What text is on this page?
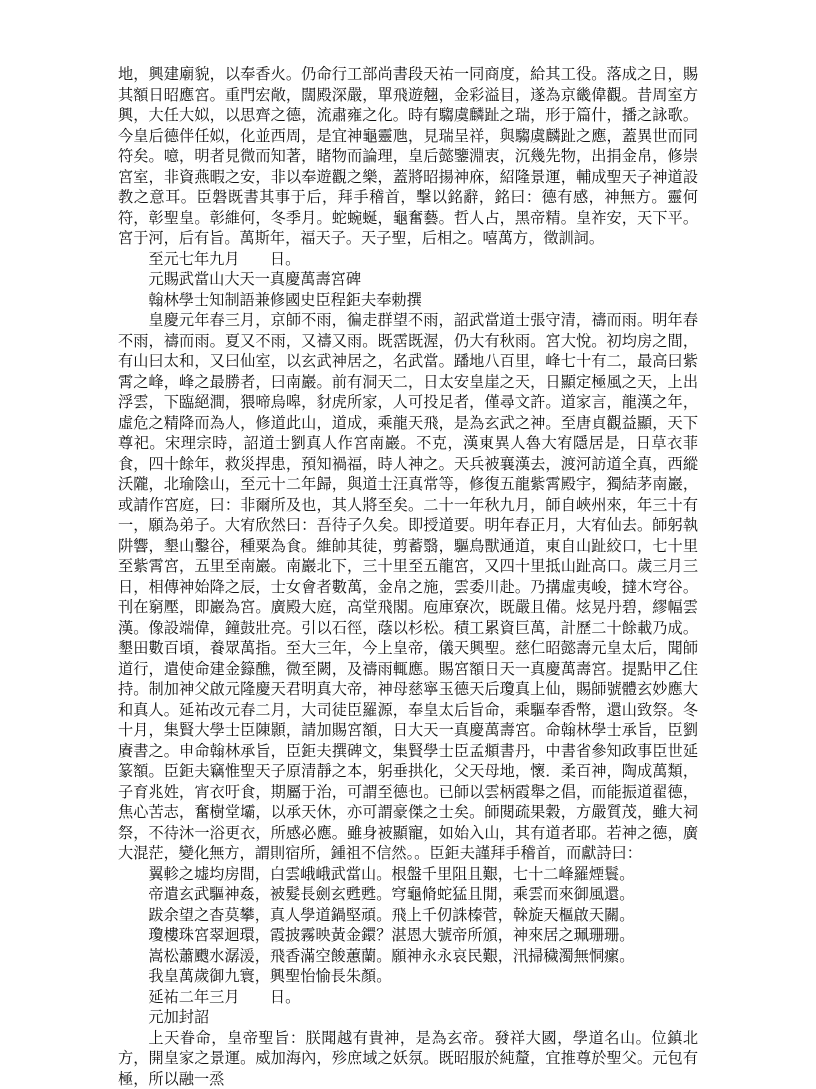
地，興建廟貌，以奉香火。仍命行工部尚書段天祐一同商度，給其工役。落成之日，賜其額日昭應宮。重門宏敞，闊殿深嚴，單飛遊翹，金彩溢目，遂為京畿偉觀。昔周室方興，大任大姒，以思齊之德，流肅雍之化。時有騶虞麟趾之瑞，形于篇什，播之詠歌。今皇后德伴任姒，化並西周，是宜神龜靈虺，見瑞呈祥，與騶虞麟趾之應，蓋異世而同符矣。噫，明者見微而知著，睹物而論理，皇后懿鑒淵衷，沉幾先物，出捐金帛，修崇宮室，非資燕暇之安，非以奉遊觀之樂，蓋將昭揚神庥，紹隆景運，輔成聖天子神道設教之意耳。臣磐既書其事于后，拜手稽首，擊以銘辭，銘曰：德有感，神無方。靈何符，彰聖皇。彰維何，冬季月。蛇蜿蜒，龜奮藝。哲人占，黑帝精。皇祚安，天下平。宮于河，后有旨。萬斯年，福天子。天子聖，后相之。嘻萬方，徵訓詞。

至元七年九月　　日。

元賜武當山大天一真慶萬壽宮碑

翰林學士知制語兼修國史臣程鉅夫奉勅撰

皇慶元年春三月，京師不雨，徧走群望不雨，詔武當道士張守清，禱而雨。明年春不雨，禱而雨。夏又不雨，又禱又雨。既霑既渥，仍大有秋雨。宮大悅。初均房之間，有山曰太和，又曰仙室，以玄武神居之，名武當。蹯地八百里，峰七十有二，最高曰紫霄之峰，峰之最勝者，曰南巖。前有洞天二，日太安皇崖之天，日顯定極風之天，上出浮雲，下臨絕澗，猥啼烏嗥，豺虎所家，人可投足者，僅尋文許。道家言，龍漢之年，虛危之精降而為人，修道此山，道成，乘龍天飛，是為玄武之神。至唐貞觀益顯，天下尊祀。宋理宗時，詔道士劉真人作宮南巖。不克，漢東異人魯大宥隱居是，日草衣菲食，四十餘年，救災捍患，預知禍福，時人神之。天兵被襄漢去，渡河訪道全真，西縱沃隴，北瑜陰山，至元十二年歸，與道士汪真常等，修復五龍紫霄殿宇，獨結茅南巖，或請作宮庭，曰：非爾所及也，其人將至矣。二十一年秋九月，師自峽州來，年三十有一，願為弟子。大宥欣然曰：吾待子久矣。即授道要。明年春正月，大宥仙去。師躬執阱響，墾山鑿谷，種粟為食。維帥其徒，剪蓄翳，驅鳥獸通道，東自山趾絞口，七十里至紫霄宮，五里至南巖。南巖北下，三十里至五龍宮，又四十里抵山趾高口。歲三月三日，相傳神始降之辰，士女會者數萬，金帛之施，雲委川赴。乃搆虛夷峻，撻木穹谷。刊在窮壓，即巖為宮。廣殿大庭，高堂飛閣。庖庫寮次，既嚴且備。炫晃丹碧，繆幅雲漢。像設端偉，鐘鼓壯亮。引以石徑，蔭以杉松。積工累資巨萬，計歷二十餘載乃成。墾田數百頃，養眾萬指。至大三年，今上皇帝，儀天興聖。慈仁昭懿壽元皇太后，聞師道行，遣使命建金籙醮，微至闕，及禱雨輒應。賜宮額日天一真慶萬壽宮。提點甲乙住持。制加神父啟元隆慶天君明真大帝，神母慈寧玉德天后瓊真上仙，賜師號體玄妙應大和真人。延祐改元春二月，大司徒臣羅源，奉皇太后旨命，乘驅奉香幣，還山致祭。冬十月，集賢大學士臣陳顥，請加賜宮額，日大天一真慶萬壽宮。命翰林學士承旨，臣劉賡書之。申命翰林承旨，臣鉅夫撰碑文，集賢學士臣孟頫書丹，中書省參知政事臣世延篆額。臣鉅夫竊惟聖天子原清靜之本，躬垂拱化，父天母地，懷．柔百神，陶成萬類，子育兆姓，宵衣吁食，期屬于治，可謂至德也。已師以雲柄霞舉之倡，而能振道翟德，焦心苦志，奮樹堂壩，以承天休，亦可謂豪傑之士矣。師閱疏果穀，方嚴質茂，雖大祠祭，不待沐一浴更衣，所感必應。雖身被顯寵，如始入山，其有道者耶。若神之德，廣大混茫，變化無方，謂則宿所，鍾祖不信然。。臣鉅夫謹拜手稽首，而獻詩曰：

翼軫之墟均房間，白雲峨峨武當山。根盤千里阻且艱，七十二峰羅煙鬟。

帝遣玄武驅神姦，被髮長劍玄甦甦。穹龜脩蛇猛且閒，乘雲而來御風還。

跋余望之杳莫攀，真人學道鍋堅頑。飛上千仞誅榛菅，榦旋天樞啟天關。

瓊樓珠宮翠迴環，霞披霧映黃金鐶？湛恩大號帝所頒，神來居之珮珊珊。

嵩松蕭颼水潺湲，飛香滿空餕蕙蘭。願神永永哀民艱，汛掃穢濁無恫瘰。

我皇萬歲御九寰，興聖怡愉長朱顏。

延祐二年三月　　日。

元加封詔

上天眷命，皇帝聖旨：朕聞越有貴神，是為玄帝。發祥大國，學道名山。位鎮北方，開皇家之景運。威加海內，殄庶域之妖氛。既昭服於純釐，宜推尊於聖父。元包有極，所以融一烝
